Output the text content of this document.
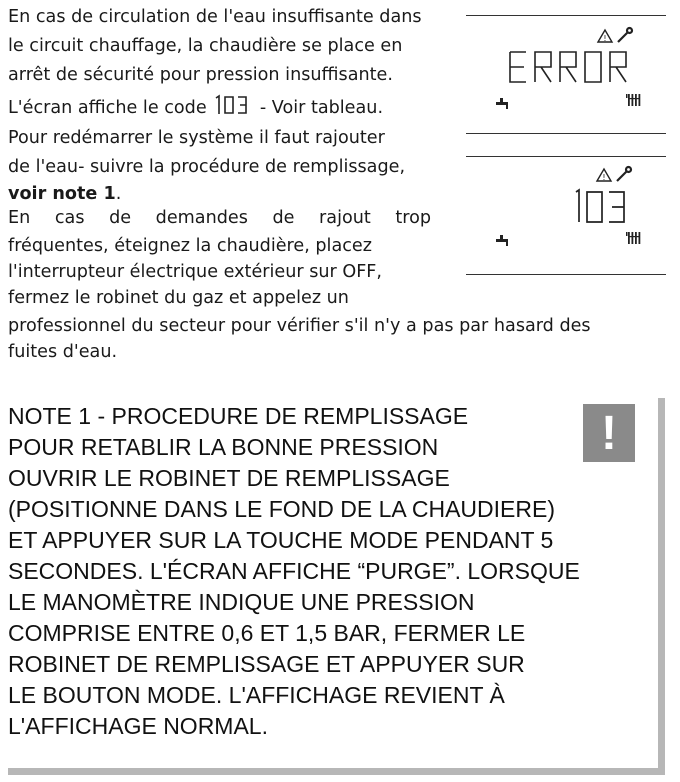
En cas de circulation de l'eau insuffisante dans

le circuit chauffage, la chaudière se place en

arrêt de sécurité pour pression insuffisante.

L'écran affiche le code
103
- Voir tableau.

Pour redémarrer le système il faut rajouter

de l'eau- suivre la procédure de remplissage,

voir note 1.

En cas de demandes de rajout trop

fréquentes, éteignez la chaudière, placez

l'interrupteur électrique extérieur sur OFF,

fermez le robinet du gaz et appelez un

professionnel du secteur pour vérifier s'il n'y a pas par hasard des

fuites d'eau.

!
!
!
NOTE 1 - PROCEDURE DE REMPLISSAGE
POUR RETABLIR LA BONNE PRESSION
OUVRIR LE ROBINET DE REMPLISSAGE
(POSITIONNE DANS LE FOND DE LA CHAUDIERE)
ET APPUYER SUR LA TOUCHE MODE PENDANT 5
SECONDES. L'ÉCRAN AFFICHE “PURGE”. LORSQUE
LE MANOMÈTRE INDIQUE UNE PRESSION
COMPRISE ENTRE 0,6 ET 1,5 BAR, FERMER LE
ROBINET DE REMPLISSAGE ET APPUYER SUR
LE BOUTON MODE. L'AFFICHAGE REVIENT À
L'AFFICHAGE NORMAL.
